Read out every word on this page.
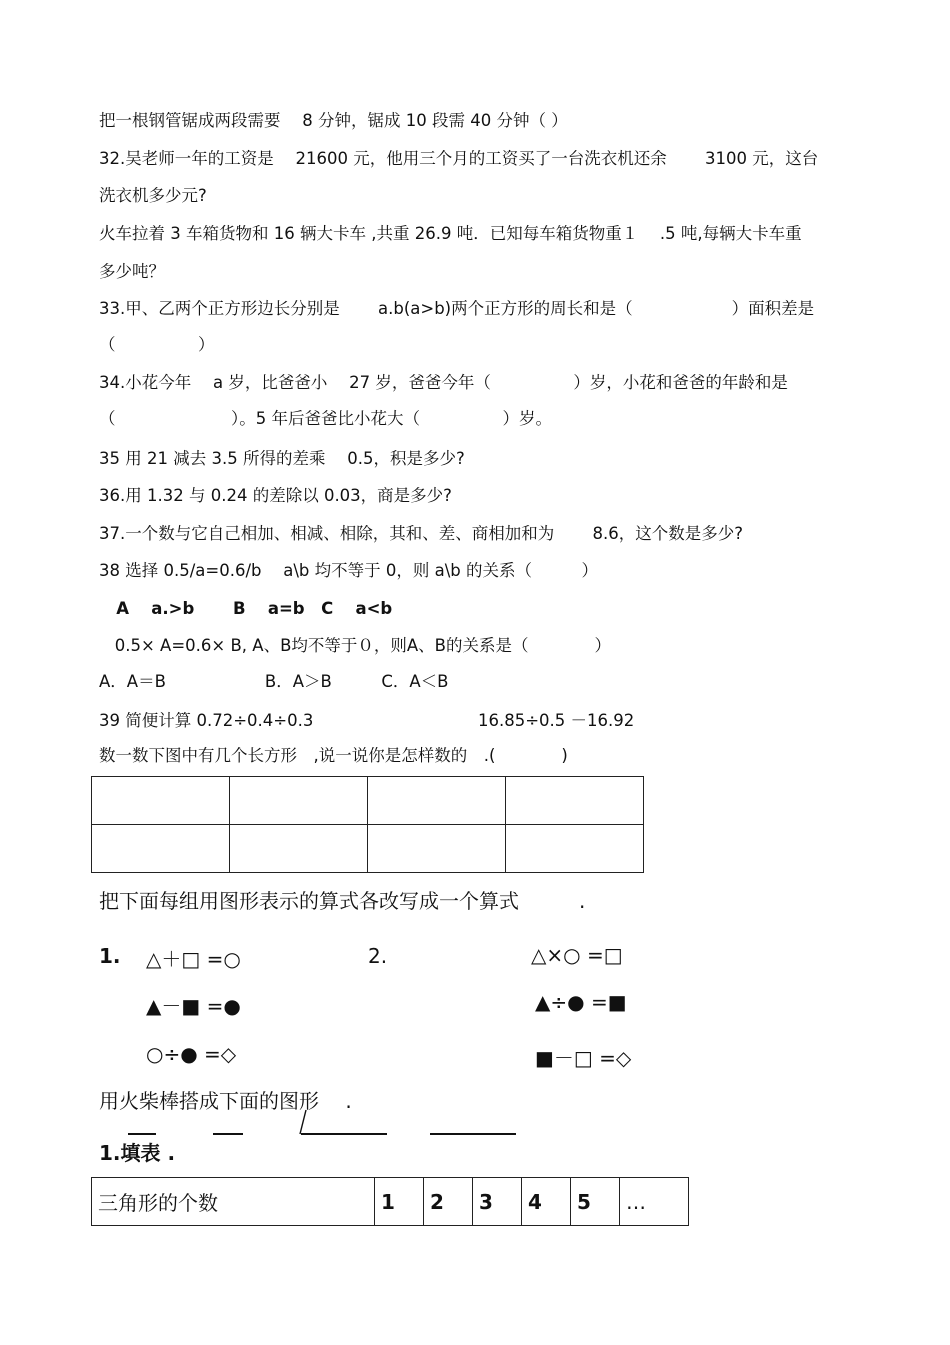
把一根钢管锯成两段需要　 8 分钟，锯成 10 段需 40 分钟（ ）
32.吴老师一年的工资是　 21600 元，他用三个月的工资买了一台洗衣机还余　　 3100 元，这台
洗衣机多少元?
火车拉着 3 车箱货物和 16 辆大卡车 ,共重 26.9 吨．已知每车箱货物重１　 .5 吨,每辆大卡车重
多少吨？
33.甲、乙两个正方形边长分别是　　 a.b(a>b)两个正方形的周长和是（　　　　　　）面积差是
（　　　　　）
34.小花今年　 a 岁，比爸爸小　 27 岁，爸爸今年（　　　　　）岁，小花和爸爸的年龄和是
（　　　　　　　）。5 年后爸爸比小花大（　　　　　）岁。
35 用 21 减去 3.5 所得的差乘　 0.5，积是多少?
36.用 1.32 与 0.24 的差除以 0.03，商是多少?
37.一个数与它自己相加、相减、相除，其和、差、商相加和为　　 8.6，这个数是多少?
38 选择 0.5/a=0.6/b　 a\b 均不等于 0，则 a\b 的关系（　　　）
A　 a.>b　　 B　 a=b　C　 a<b
0.5× A=0.6× B, A、B均不等于０，则A、B的关系是（　　　　）
A．A＝B　　　　　　B．A＞B　　　C．A＜B
39 简便计算 0.72÷0.4÷0.3
数一数下图中有几个长方形　,说一说你是怎样数的　.(　　　　)
16.85÷0.5 －16.92

把下面每组用图形表示的算式各改写成一个算式　　　.
1. △＋□ =○
▲－■ =●
○÷● =◇
2.	△×○ =□
▲÷● =■
■－□ =◇
用火柴棒搭成下面的图形　 .
1.填表 .
三角形的个数	1	2	3	4	5	…
